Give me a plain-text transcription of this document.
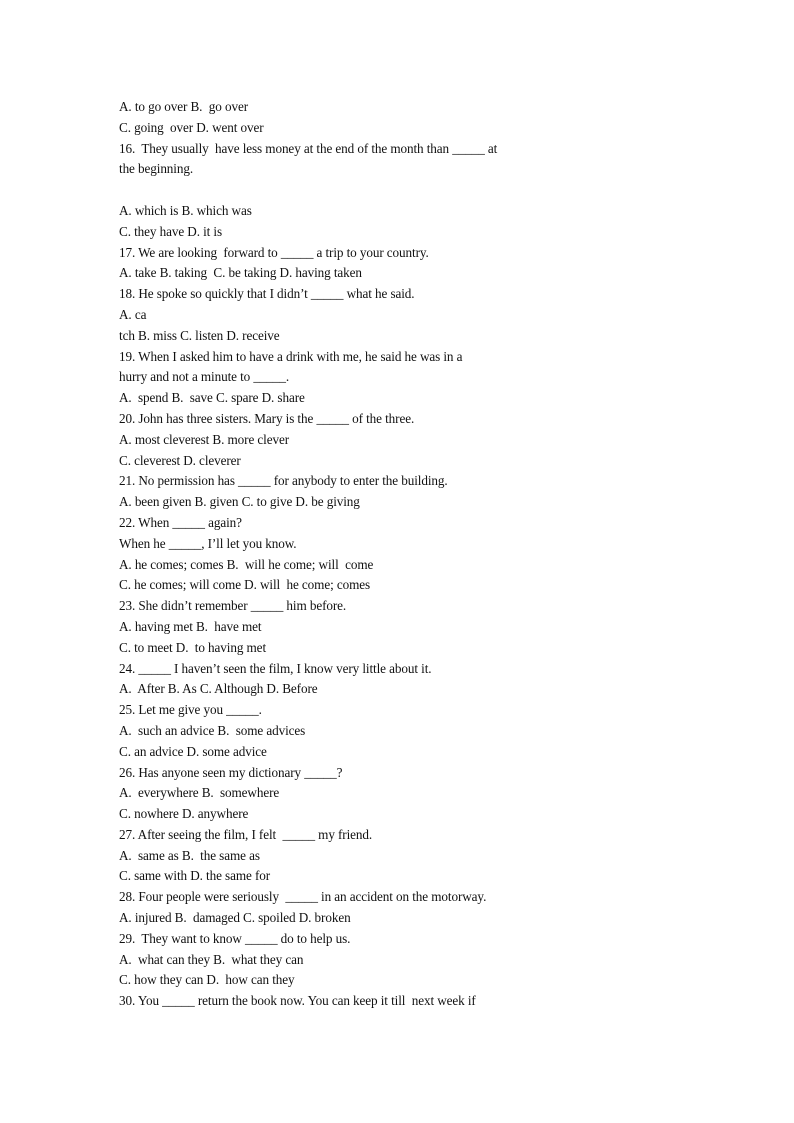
A. to go over B.  go over
C. going  over D. went over
16.  They usually  have less money at the end of the month than _____ at
the beginning.
A. which is B. which was
C. they have D. it is
17. We are looking  forward to _____ a trip to your country.
A. take B. taking  C. be taking D. having taken
18. He spoke so quickly that I didn’t _____ what he said.
A. ca
tch B. miss C. listen D. receive
19. When I asked him to have a drink with me, he said he was in a
hurry and not a minute to _____.
A.  spend B.  save C. spare D. share
20. John has three sisters. Mary is the _____ of the three.
A. most cleverest B. more clever
C. cleverest D. cleverer
21. No permission has _____ for anybody to enter the building.
A. been given B. given C. to give D. be giving
22. When _____ again?
When he _____, I’ll let you know.
A. he comes; comes B.  will he come; will  come
C. he comes; will come D. will  he come; comes
23. She didn’t remember _____ him before.
A. having met B.  have met
C. to meet D.  to having met
24. _____ I haven’t seen the film, I know very little about it.
A.  After B. As C. Although D. Before
25. Let me give you _____.
A.  such an advice B.  some advices
C. an advice D. some advice
26. Has anyone seen my dictionary _____?
A.  everywhere B.  somewhere
C. nowhere D. anywhere
27. After seeing the film, I felt  _____ my friend.
A.  same as B.  the same as
C. same with D. the same for
28. Four people were seriously  _____ in an accident on the motorway.
A. injured B.  damaged C. spoiled D. broken
29.  They want to know _____ do to help us.
A.  what can they B.  what they can
C. how they can D.  how can they
30. You _____ return the book now. You can keep it till  next week if
